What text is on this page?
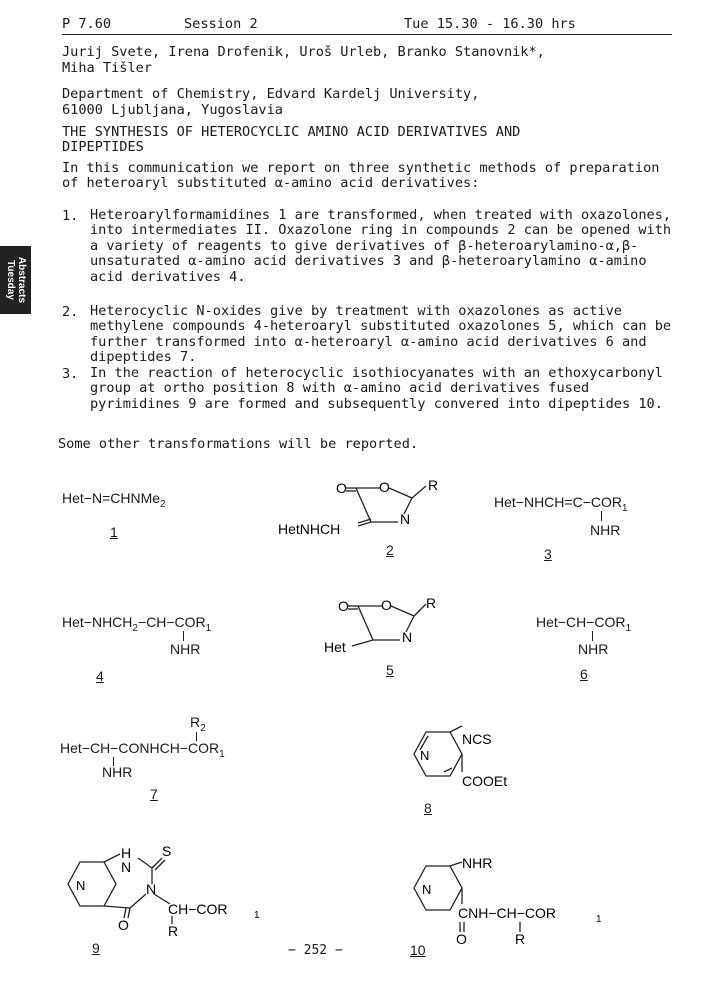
P 7.60	Session 2	Tue 15.30 - 16.30 hrs
Abstracts
Tuesday
Jurij Svete, Irena Drofenik, Uroš Urleb, Branko Stanovnik*,
Miha Tišler
Department of Chemistry, Edvard Kardelj University,
61000 Ljubljana, Yugoslavia
THE SYNTHESIS OF HETEROCYCLIC AMINO ACID DERIVATIVES AND
DIPEPTIDES
In this communication we report on three synthetic methods of preparation of heteroaryl substituted α-amino acid derivatives:
1. Heteroarylformamidines 1 are transformed, when treated with oxazolones, into intermediates II. Oxazolone ring in compounds 2 can be opened with a variety of reagents to give derivatives of β-heteroarylamino-α,β-unsaturated α-amino acid derivatives 3 and β-heteroarylamino α-amino acid derivatives 4.
2. Heterocyclic N-oxides give by treatment with oxazolones as active methylene compounds 4-heteroaryl substituted oxazolones 5, which can be further transformed into α-heteroaryl α-amino acid derivatives 6 and dipeptides 7.
3. In the reaction of heterocyclic isothiocyanates with an ethoxycarbonyl group at ortho position 8 with α-amino acid derivatives fused pyrimidines 9 are formed and subsequently convered into dipeptides 10.
Some other transformations will be reported.
Het−N=CHNMe$_2$
1
O O	R
N
HetNHCH
2
$Het-NHCH=C-COR_1$
NHR
3
$Het-NHCH_2-CH-COR_1$
NHR
4
O O R
N
Het
5
$Het-CH-COR_1$
NHR
6
$R_2$
$Het-CH-CONHCH-COR_1$
NHR
7
N
NCS
COOEt
8
H
N
S
N	N
O
CH−COR	1
R
9
N
NHR
CNH−CH−COR	1
O	R
10
− 252 −
